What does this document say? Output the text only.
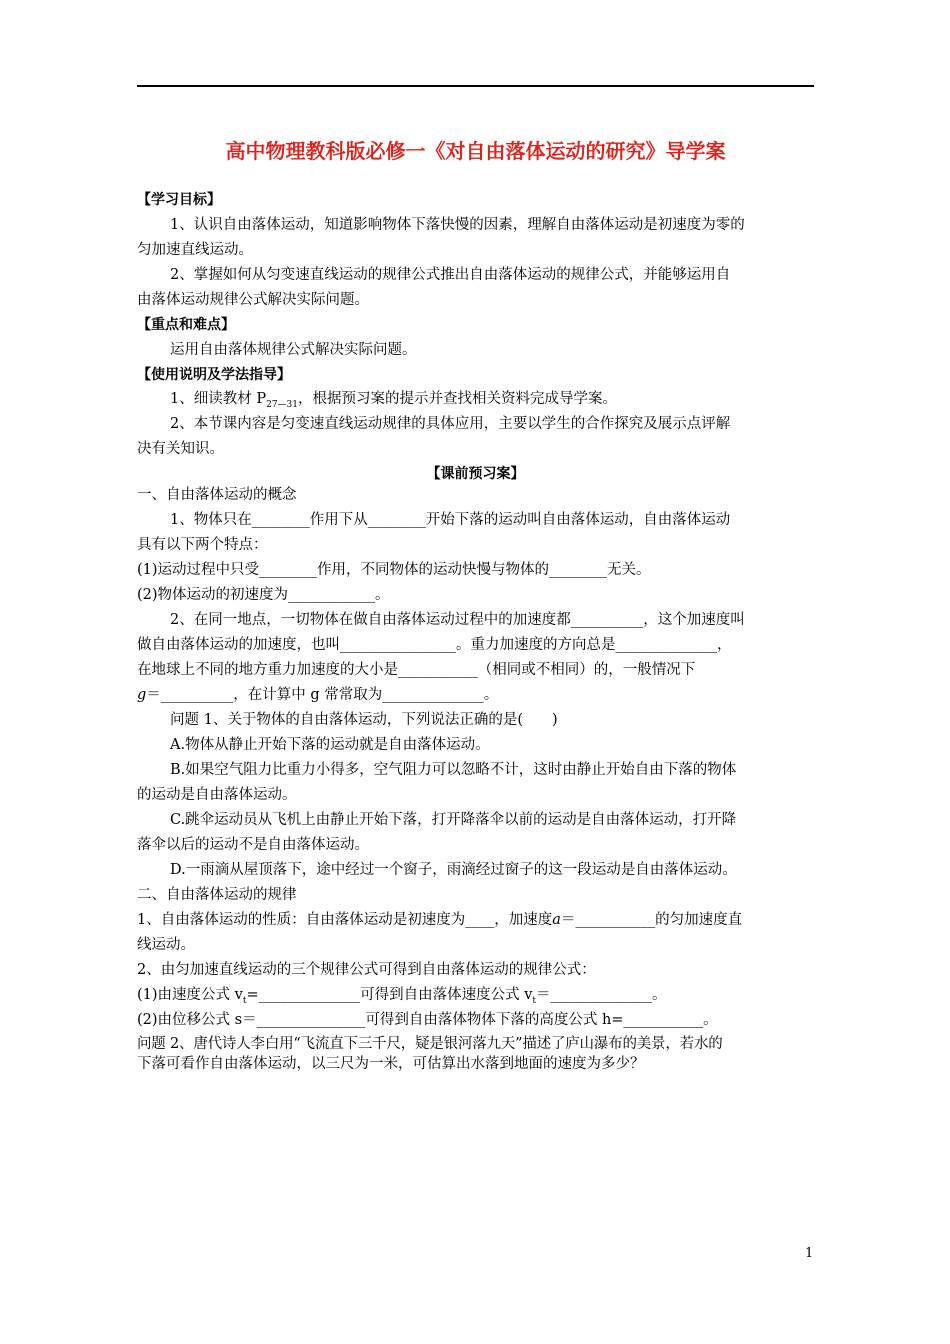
高中物理教科版必修一《对自由落体运动的研究》导学案
【学习目标】
1、认识自由落体运动，知道影响物体下落快慢的因素，理解自由落体运动是初速度为零的
匀加速直线运动。
2、掌握如何从匀变速直线运动的规律公式推出自由落体运动的规律公式，并能够运用自
由落体运动规律公式解决实际问题。
【重点和难点】
运用自由落体规律公式解决实际问题。
【使用说明及学法指导】
1、细读教材 $P_{27—31}$，根据预习案的提示并查找相关资料完成导学案。
2、本节课内容是匀变速直线运动规律的具体应用，主要以学生的合作探究及展示点评解
决有关知识。
【课前预习案】
一、自由落体运动的概念
1、物体只在________作用下从________开始下落的运动叫自由落体运动，自由落体运动
具有以下两个特点：
(1)运动过程中只受________作用，不同物体的运动快慢与物体的________无关。
(2)物体运动的初速度为____________。
2、在同一地点，一切物体在做自由落体运动过程中的加速度都__________，这个加速度叫
做自由落体运动的加速度，也叫________________。重力加速度的方向总是______________，
在地球上不同的地方重力加速度的大小是___________（相同或不相同）的，一般情况下
g＝__________，在计算中 g 常常取为______________。
问题 1、关于物体的自由落体运动，下列说法正确的是(　　)
A.物体从静止开始下落的运动就是自由落体运动。
B.如果空气阻力比重力小得多，空气阻力可以忽略不计，这时由静止开始自由下落的物体
的运动是自由落体运动。
C.跳伞运动员从飞机上由静止开始下落，打开降落伞以前的运动是自由落体运动，打开降
落伞以后的运动不是自由落体运动。
D.一雨滴从屋顶落下，途中经过一个窗子，雨滴经过窗子的这一段运动是自由落体运动。
二、自由落体运动的规律
1、自由落体运动的性质：自由落体运动是初速度为____，加速度a＝___________的匀加速度直
线运动。
2、由匀加速直线运动的三个规律公式可得到自由落体运动的规律公式：
(1)由速度公式 $v_t=\_\_\_\_\_\_\_\_\_\_\_\_\_\_$可得到自由落体速度公式 $v_t=\_\_\_\_\_\_\_\_\_\_\_\_\_\_$。
(2)由位移公式 s＝_______________可得到自由落体物体下落的高度公式 h=___________。
问题 2、唐代诗人李白用“飞流直下三千尺，疑是银河落九天”描述了庐山瀑布的美景，若水的
下落可看作自由落体运动，以三尺为一米，可估算出水落到地面的速度为多少？
1
